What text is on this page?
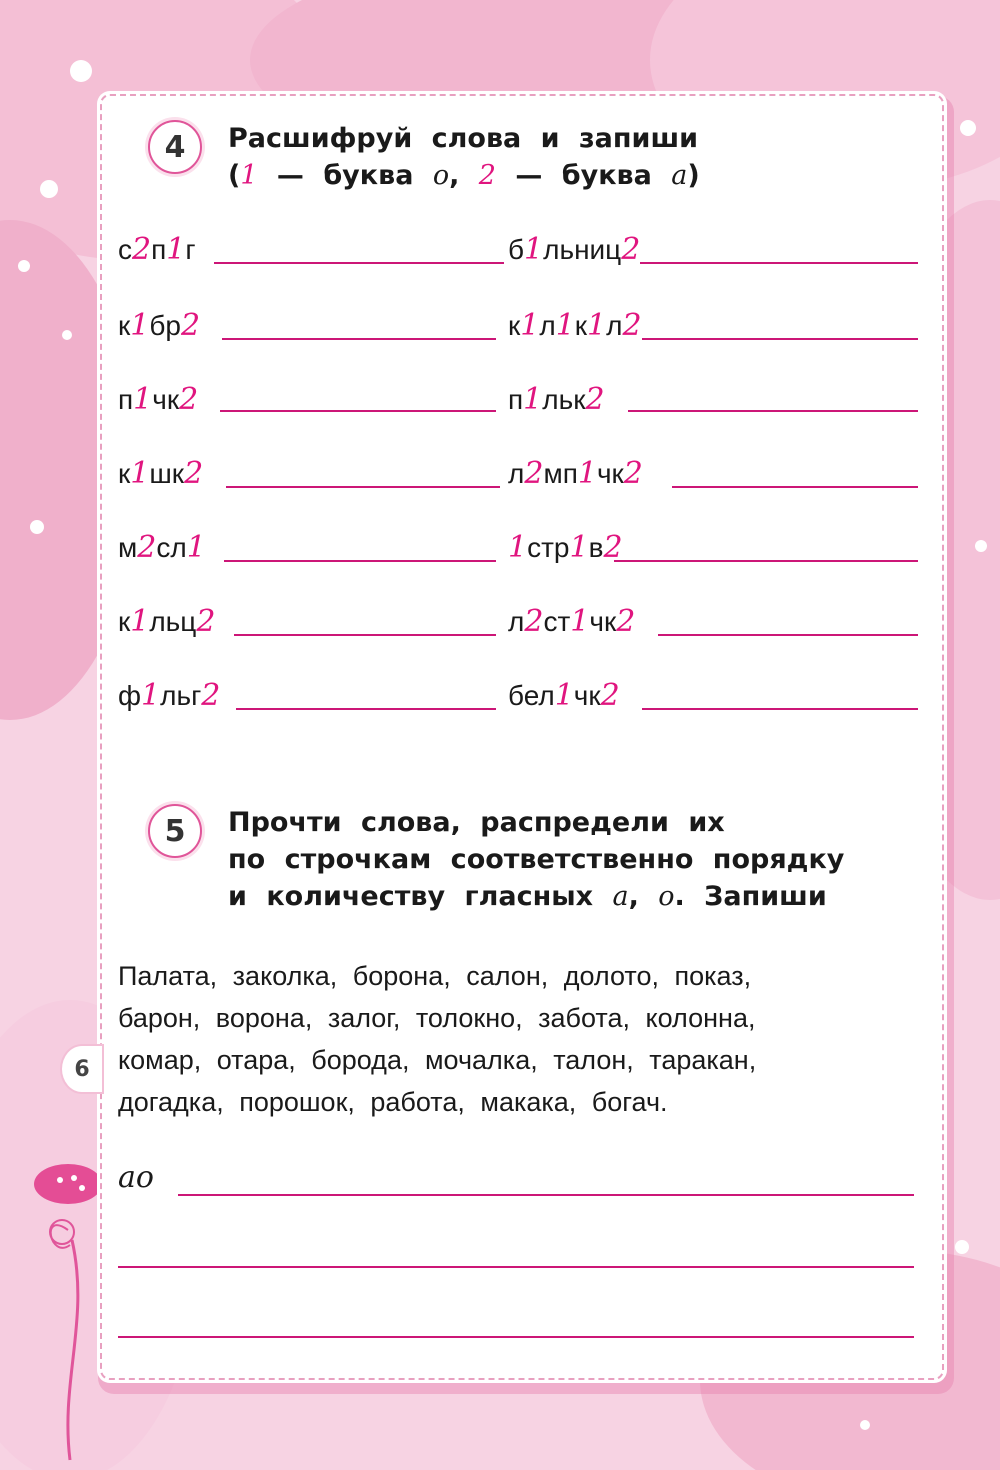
4	Расшифруй слова и запиши
(1 — буква о, 2 — буква а)
с2п1г	б1льниц2
к1бр2	к1л1к1л2
п1чк2	п1льк2
к1шк2	л2мп1чк2
м2сл1	1стр1в2
к1льц2	л2ст1чк2
ф1льг2	бел1чк2
5	Прочти слова, распредели их
по строчкам соответственно порядку
и количеству гласных а, о. Запиши
Палата, заколка, борона, салон, долото, показ,
барон, ворона, залог, толокно, забота, колонна,
комар, отара, борода, мочалка, талон, таракан,
догадка, порошок, работа, макака, богач.
ао
6
